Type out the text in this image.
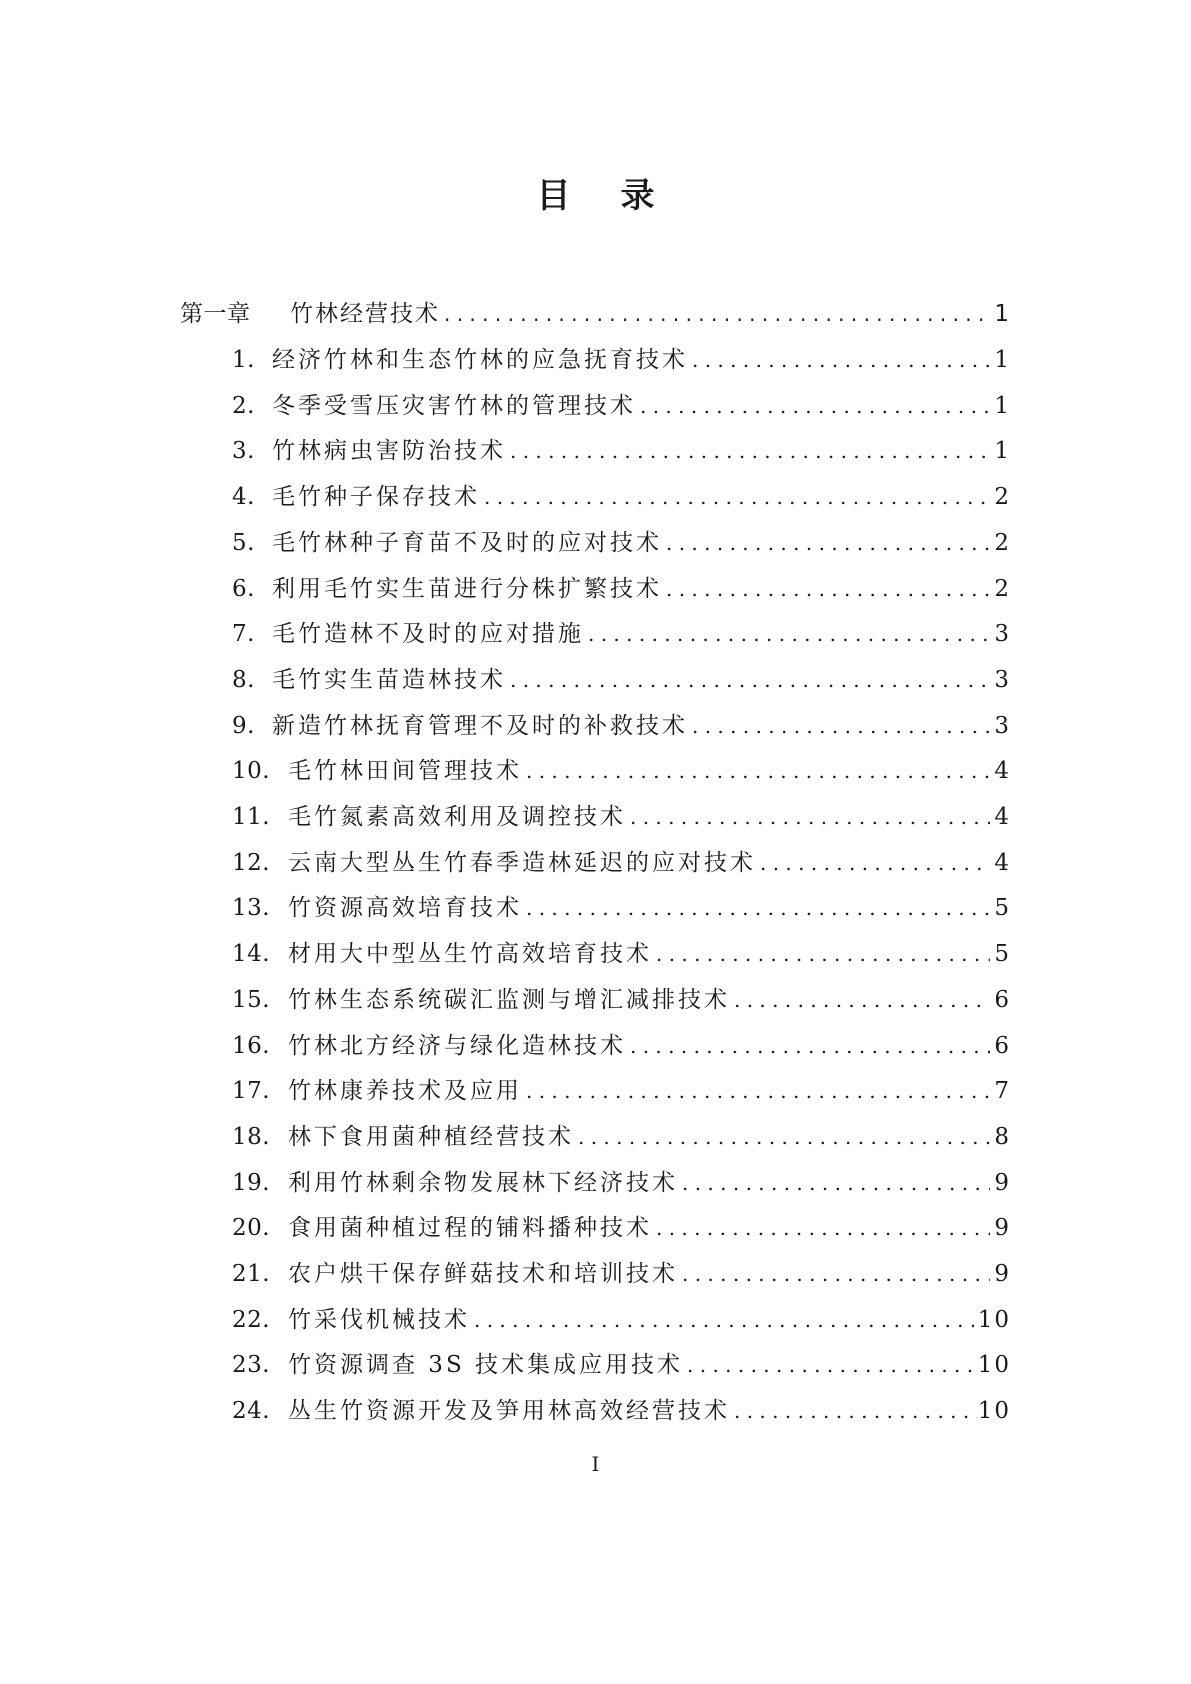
目 录
第一章	竹林经营技术 . . .	1
1. 经济竹林和生态竹林的应急抚育技术 . . .	1
2. 冬季受雪压灾害竹林的管理技术 . . .	1
3. 竹林病虫害防治技术 . . .	1
4. 毛竹种子保存技术 . . .	2
5. 毛竹林种子育苗不及时的应对技术 . . .	2
6. 利用毛竹实生苗进行分株扩繁技术 . . .	2
7. 毛竹造林不及时的应对措施 . . .	3
8. 毛竹实生苗造林技术 . . .	3
9. 新造竹林抚育管理不及时的补救技术 . . .	3
10. 毛竹林田间管理技术 . . .	4
11. 毛竹氮素高效利用及调控技术 . . .	4
12. 云南大型丛生竹春季造林延迟的应对技术 . . .	4
13. 竹资源高效培育技术 . . .	5
14. 材用大中型丛生竹高效培育技术 . . .	5
15. 竹林生态系统碳汇监测与增汇减排技术 . . .	6
16. 竹林北方经济与绿化造林技术 . . .	6
17. 竹林康养技术及应用 . . .	7
18. 林下食用菌种植经营技术 . . .	8
19. 利用竹林剩余物发展林下经济技术 . . .	9
20. 食用菌种植过程的铺料播种技术 . . .	9
21. 农户烘干保存鲜菇技术和培训技术 . . .	9
22. 竹采伐机械技术 . . .	10
23. 竹资源调查 3S 技术集成应用技术 . . .	10
24. 丛生竹资源开发及笋用林高效经营技术 . . .	10
I
